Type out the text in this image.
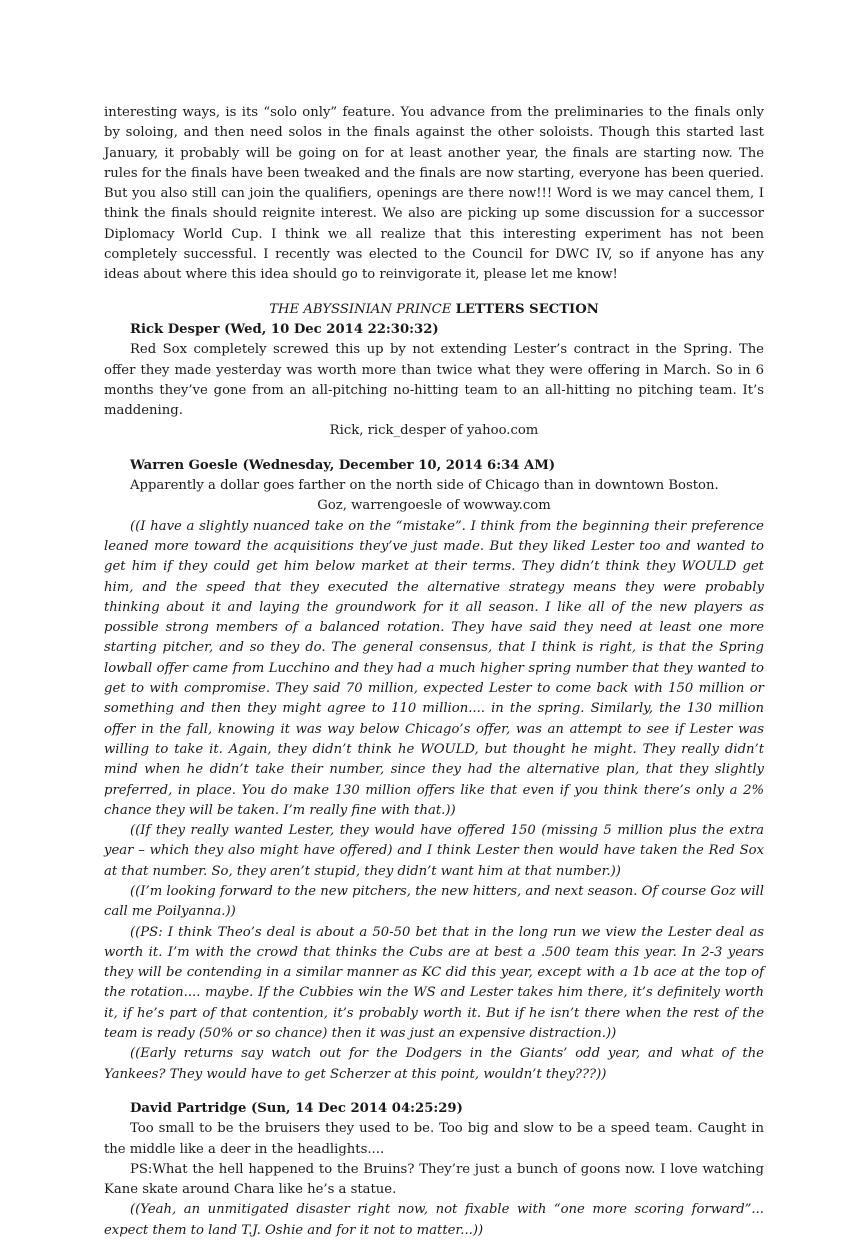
interesting ways, is its “solo only” feature. You advance from the preliminaries to the finals only by soloing, and then need solos in the finals against the other soloists. Though this started last January, it probably will be going on for at least another year, the finals are starting now. The rules for the finals have been tweaked and the finals are now starting, everyone has been queried. But you also still can join the qualifiers, openings are there now!!! Word is we may cancel them, I think the finals should reignite interest. We also are picking up some discussion for a successor Diplomacy World Cup. I think we all realize that this interesting experiment has not been completely successful. I recently was elected to the Council for DWC IV, so if anyone has any ideas about where this idea should go to reinvigorate it, please let me know!

THE ABYSSINIAN PRINCE LETTERS SECTION

Rick Desper (Wed, 10 Dec 2014 22:30:32)

Red Sox completely screwed this up by not extending Lester’s contract in the Spring. The offer they made yesterday was worth more than twice what they were offering in March. So in 6 months they’ve gone from an all-pitching no-hitting team to an all-hitting no pitching team. It’s maddening.

Rick, rick_desper of yahoo.com

Warren Goesle (Wednesday, December 10, 2014 6:34 AM)

Apparently a dollar goes farther on the north side of Chicago than in downtown Boston.

Goz, warrengoesle of wowway.com

((I have a slightly nuanced take on the “mistake”. I think from the beginning their preference leaned more toward the acquisitions they’ve just made. But they liked Lester too and wanted to get him if they could get him below market at their terms. They didn’t think they WOULD get him, and the speed that they executed the alternative strategy means they were probably thinking about it and laying the groundwork for it all season. I like all of the new players as possible strong members of a balanced rotation. They have said they need at least one more starting pitcher, and so they do. The general consensus, that I think is right, is that the Spring lowball offer came from Lucchino and they had a much higher spring number that they wanted to get to with compromise. They said 70 million, expected Lester to come back with 150 million or something and then they might agree to 110 million.... in the spring. Similarly, the 130 million offer in the fall, knowing it was way below Chicago’s offer, was an attempt to see if Lester was willing to take it. Again, they didn’t think he WOULD, but thought he might. They really didn’t mind when he didn’t take their number, since they had the alternative plan, that they slightly preferred, in place. You do make 130 million offers like that even if you think there’s only a 2% chance they will be taken. I’m really fine with that.))

((If they really wanted Lester, they would have offered 150 (missing 5 million plus the extra year – which they also might have offered) and I think Lester then would have taken the Red Sox at that number. So, they aren’t stupid, they didn’t want him at that number.))

((I’m looking forward to the new pitchers, the new hitters, and next season. Of course Goz will call me Poilyanna.))

((PS: I think Theo’s deal is about a 50-50 bet that in the long run we view the Lester deal as worth it. I’m with the crowd that thinks the Cubs are at best a .500 team this year. In 2-3 years they will be contending in a similar manner as KC did this year, except with a 1b ace at the top of the rotation.... maybe. If the Cubbies win the WS and Lester takes him there, it’s definitely worth it, if he’s part of that contention, it’s probably worth it. But if he isn’t there when the rest of the team is ready (50% or so chance) then it was just an expensive distraction.))

((Early returns say watch out for the Dodgers in the Giants’ odd year, and what of the Yankees? They would have to get Scherzer at this point, wouldn’t they???))

David Partridge (Sun, 14 Dec 2014 04:25:29)

Too small to be the bruisers they used to be. Too big and slow to be a speed team. Caught in the middle like a deer in the headlights....

PS:What the hell happened to the Bruins? They’re just a bunch of goons now. I love watching Kane skate around Chara like he’s a statue.

((Yeah, an unmitigated disaster right now, not fixable with “one more scoring forward”... expect them to land T.J. Oshie and for it not to matter...))
